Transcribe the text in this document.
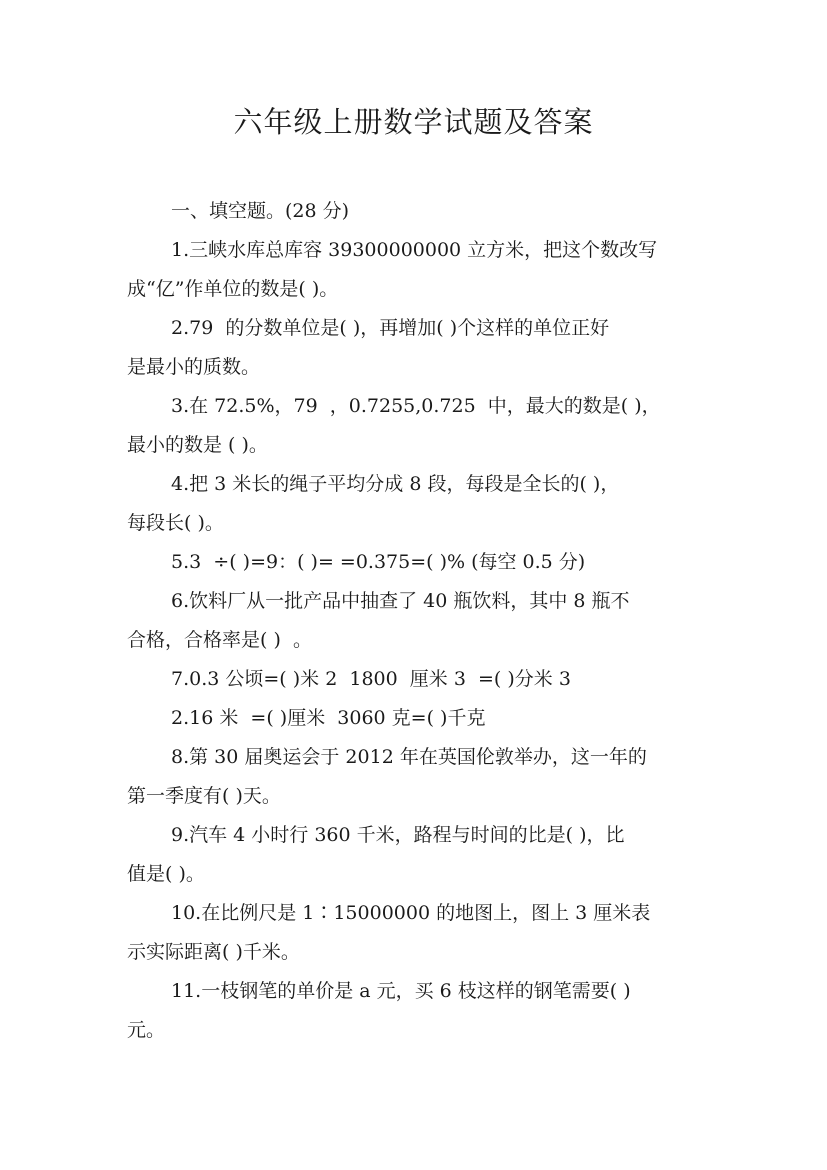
六年级上册数学试题及答案
一、填空题。(28 分)
1.三峡水库总库容 39300000000 立方米，把这个数改写
成“亿”作单位的数是( )。
2.79  的分数单位是( )，再增加( )个这样的单位正好
是最小的质数。
3.在 72.5%，79  ，0.7255,0.725  中，最大的数是( )，
最小的数是 ( )。
4.把 3 米长的绳子平均分成 8 段，每段是全长的( )，
每段长( )。
5.3  ÷( )=9：( )= =0.375=( )% (每空 0.5 分)
6.饮料厂从一批产品中抽查了 40 瓶饮料，其中 8 瓶不
合格，合格率是( )  。
7.0.3 公顷=( )米 2  1800  厘米 3  =( )分米 3
2.16 米  =( )厘米  3060 克=( )千克
8.第 30 届奥运会于 2012 年在英国伦敦举办，这一年的
第一季度有( )天。
9.汽车 4 小时行 360 千米，路程与时间的比是( )，比
值是( )。
10.在比例尺是 1∶15000000 的地图上，图上 3 厘米表
示实际距离( )千米。
11.一枝钢笔的单价是 a 元，买 6 枝这样的钢笔需要( )
元。
